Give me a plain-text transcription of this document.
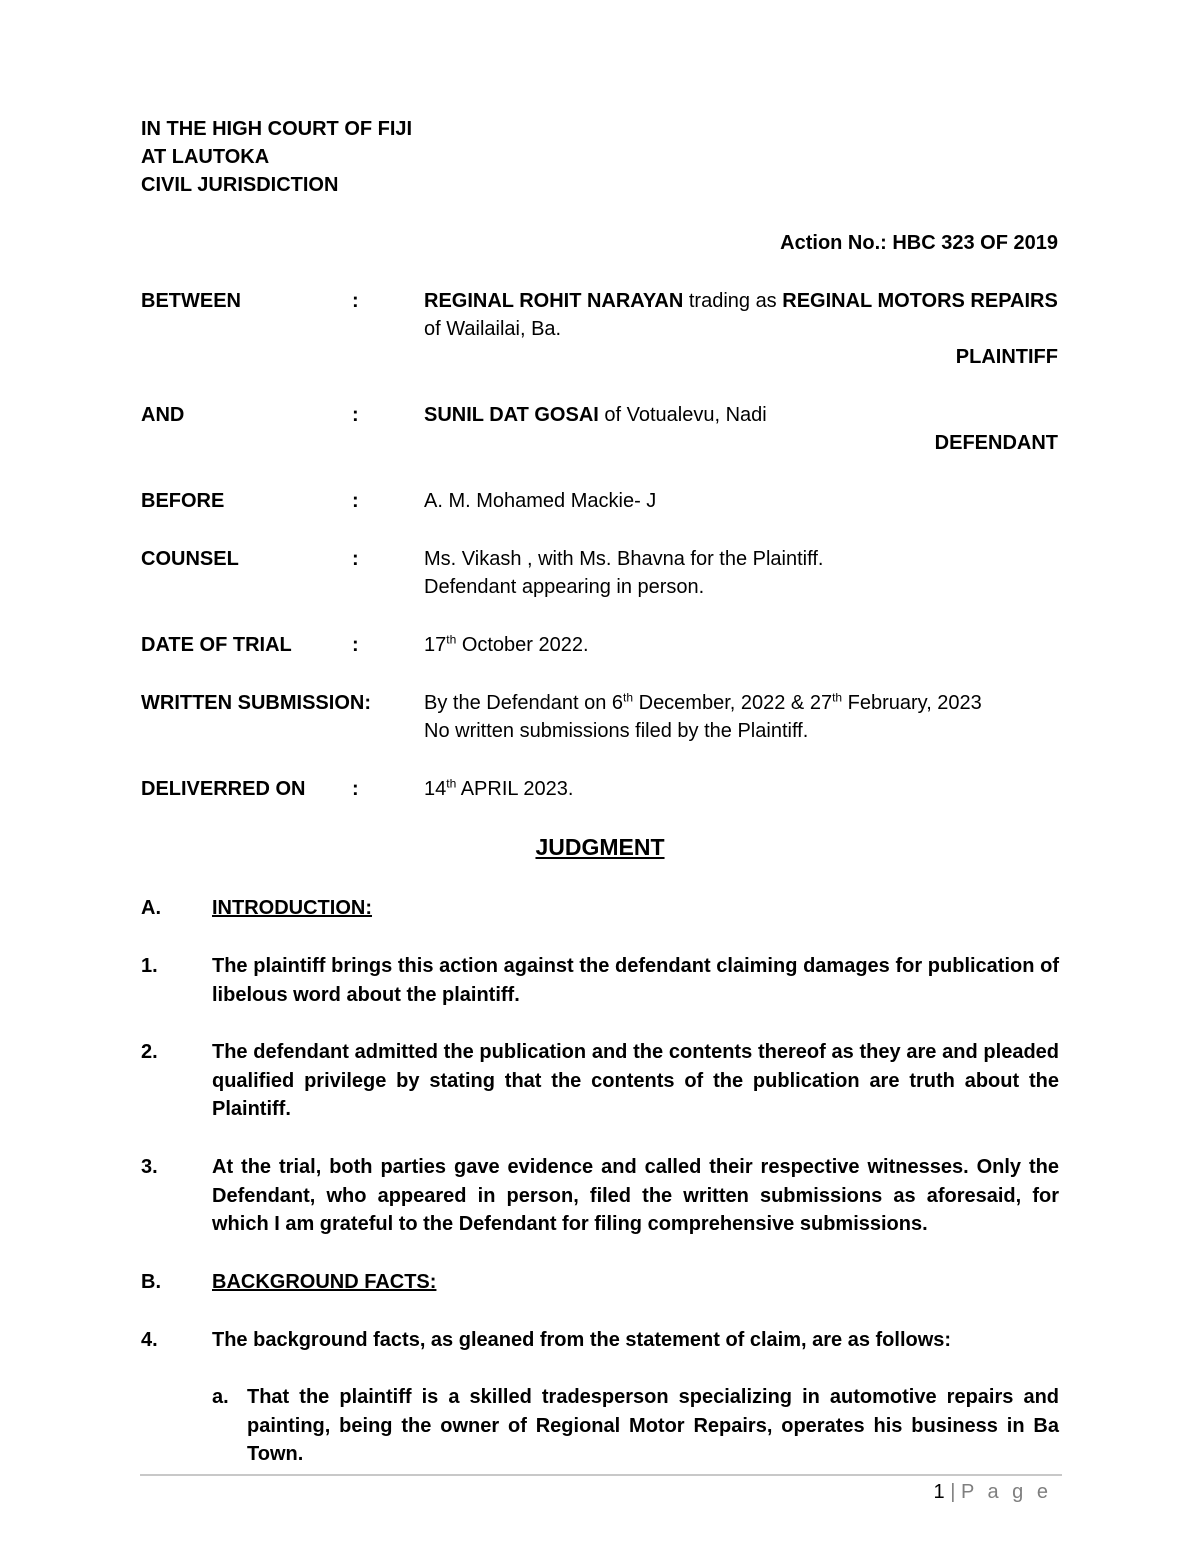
IN THE HIGH COURT OF FIJI
AT LAUTOKA
CIVIL JURISDICTION
Action No.: HBC 323 OF 2019
BETWEEN	:	REGINAL ROHIT NARAYAN trading as REGINAL MOTORS REPAIRS
of Wailailai, Ba.
PLAINTIFF
AND	:	SUNIL DAT GOSAI of Votualevu, Nadi
DEFENDANT
BEFORE	:	A. M. Mohamed Mackie- J
COUNSEL	:	Ms. Vikash , with Ms. Bhavna for the Plaintiff.
Defendant appearing in person.
DATE OF TRIAL	:	17th October 2022.
WRITTEN SUBMISSION:	By the Defendant on 6th December, 2022 & 27th February, 2023
No written submissions filed by the Plaintiff.
DELIVERRED ON :	14th APRIL 2023.
JUDGMENT
A.	INTRODUCTION:
1.	The plaintiff brings this action against the defendant claiming damages for publication of libelous word about the plaintiff.
2.	The defendant admitted the publication and the contents thereof as they are and pleaded qualified privilege by stating that the contents of the publication are truth about the Plaintiff.
3.	At the trial, both parties gave evidence and called their respective witnesses. Only the Defendant, who appeared in person, filed the written submissions as aforesaid, for which I am grateful to the Defendant for filing comprehensive submissions.
B.	BACKGROUND FACTS:
4.	The background facts, as gleaned from the statement of claim, are as follows:
a. That the plaintiff is a skilled tradesperson specializing in automotive repairs and painting, being the owner of Regional Motor Repairs, operates his business in Ba Town.
1 | P a g e
